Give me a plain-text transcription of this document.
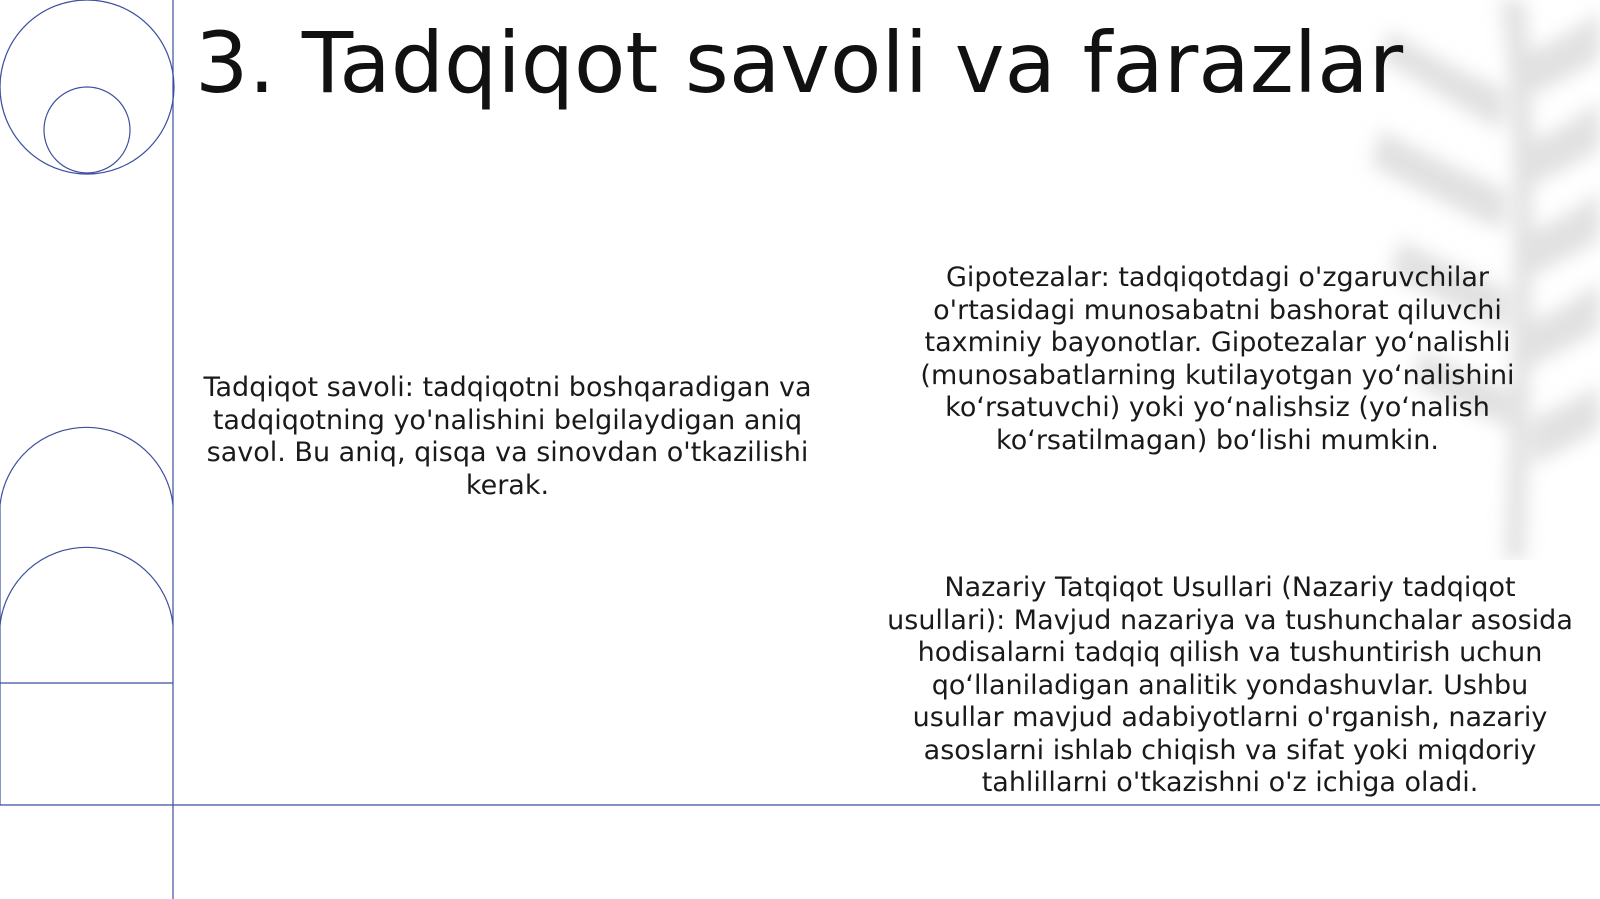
3. Tadqiqot savoli va farazlar

Tadqiqot savoli: tadqiqotni boshqaradigan va tadqiqotning yo'nalishini belgilaydigan aniq savol. Bu aniq, qisqa va sinovdan o'tkazilishi kerak.

Gipotezalar: tadqiqotdagi o'zgaruvchilar o'rtasidagi munosabatni bashorat qiluvchi taxminiy bayonotlar. Gipotezalar yo‘nalishli (munosabatlarning kutilayotgan yo‘nalishini ko‘rsatuvchi) yoki yo‘nalishsiz (yo‘nalish ko‘rsatilmagan) bo‘lishi mumkin.

Nazariy Tatqiqot Usullari (Nazariy tadqiqot usullari): Mavjud nazariya va tushunchalar asosida hodisalarni tadqiq qilish va tushuntirish uchun qo‘llaniladigan analitik yondashuvlar. Ushbu usullar mavjud adabiyotlarni o'rganish, nazariy asoslarni ishlab chiqish va sifat yoki miqdoriy tahlillarni o'tkazishni o'z ichiga oladi.
